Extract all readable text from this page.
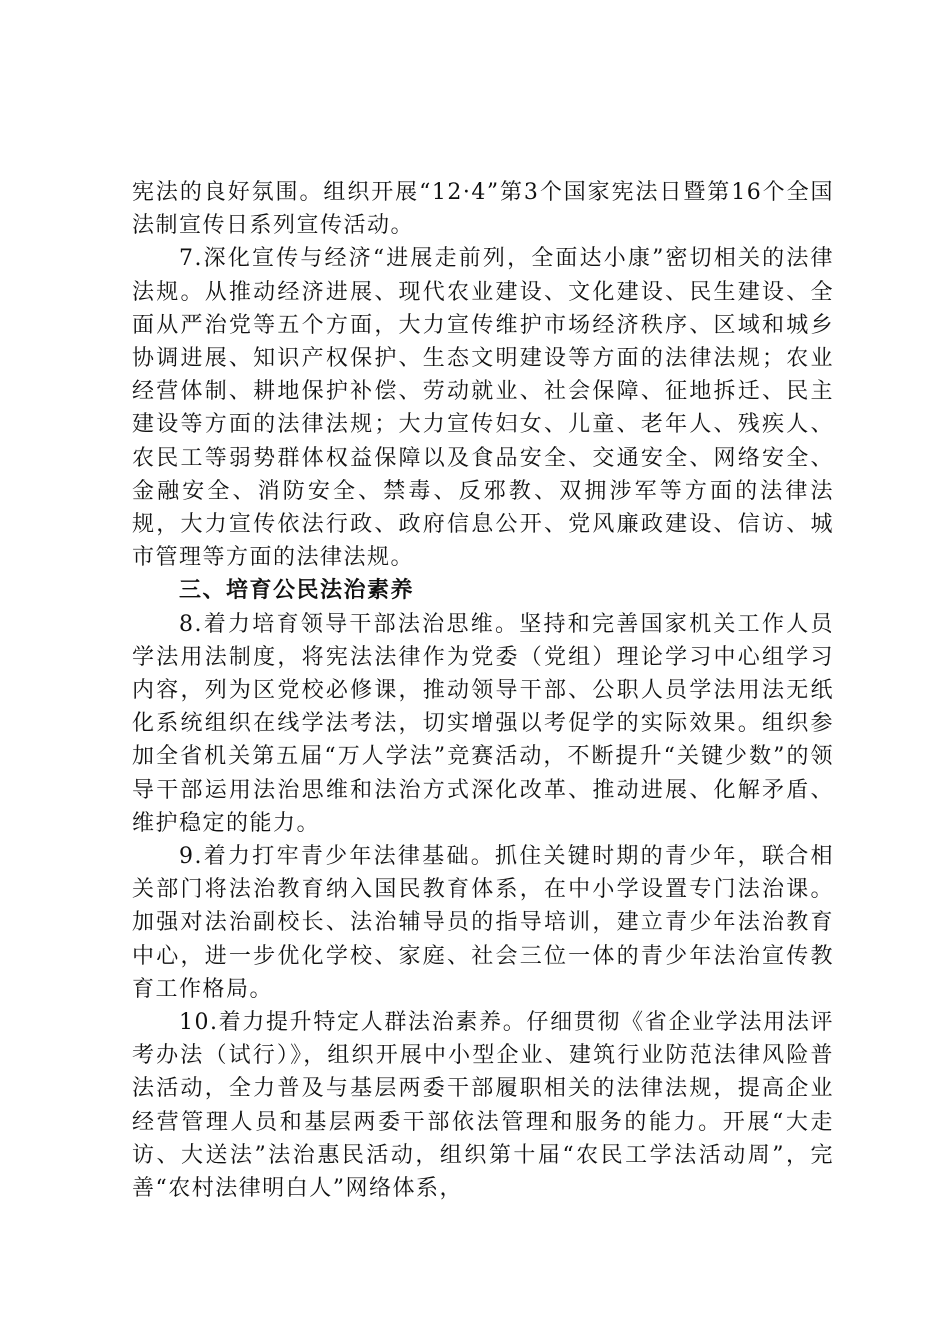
宪法的良好氛围。组织开展“12·4”第3个国家宪法日暨第16个全国法制宣传日系列宣传活动。

7.深化宣传与经济“进展走前列，全面达小康”密切相关的法律法规。从推动经济进展、现代农业建设、文化建设、民生建设、全面从严治党等五个方面，大力宣传维护市场经济秩序、区域和城乡协调进展、知识产权保护、生态文明建设等方面的法律法规；农业经营体制、耕地保护补偿、劳动就业、社会保障、征地拆迁、民主建设等方面的法律法规；大力宣传妇女、儿童、老年人、残疾人、农民工等弱势群体权益保障以及食品安全、交通安全、网络安全、金融安全、消防安全、禁毒、反邪教、双拥涉军等方面的法律法规，大力宣传依法行政、政府信息公开、党风廉政建设、信访、城市管理等方面的法律法规。

三、培育公民法治素养

8.着力培育领导干部法治思维。坚持和完善国家机关工作人员学法用法制度，将宪法法律作为党委（党组）理论学习中心组学习内容，列为区党校必修课，推动领导干部、公职人员学法用法无纸化系统组织在线学法考法，切实增强以考促学的实际效果。组织参加全省机关第五届“万人学法”竞赛活动，不断提升“关键少数”的领导干部运用法治思维和法治方式深化改革、推动进展、化解矛盾、维护稳定的能力。

9.着力打牢青少年法律基础。抓住关键时期的青少年，联合相关部门将法治教育纳入国民教育体系，在中小学设置专门法治课。加强对法治副校长、法治辅导员的指导培训，建立青少年法治教育中心，进一步优化学校、家庭、社会三位一体的青少年法治宣传教育工作格局。

10.着力提升特定人群法治素养。仔细贯彻《省企业学法用法评考办法（试行）》，组织开展中小型企业、建筑行业防范法律风险普法活动，全力普及与基层两委干部履职相关的法律法规，提高企业经营管理人员和基层两委干部依法管理和服务的能力。开展“大走访、大送法”法治惠民活动，组织第十届“农民工学法活动周”，完善“农村法律明白人”网络体系，
